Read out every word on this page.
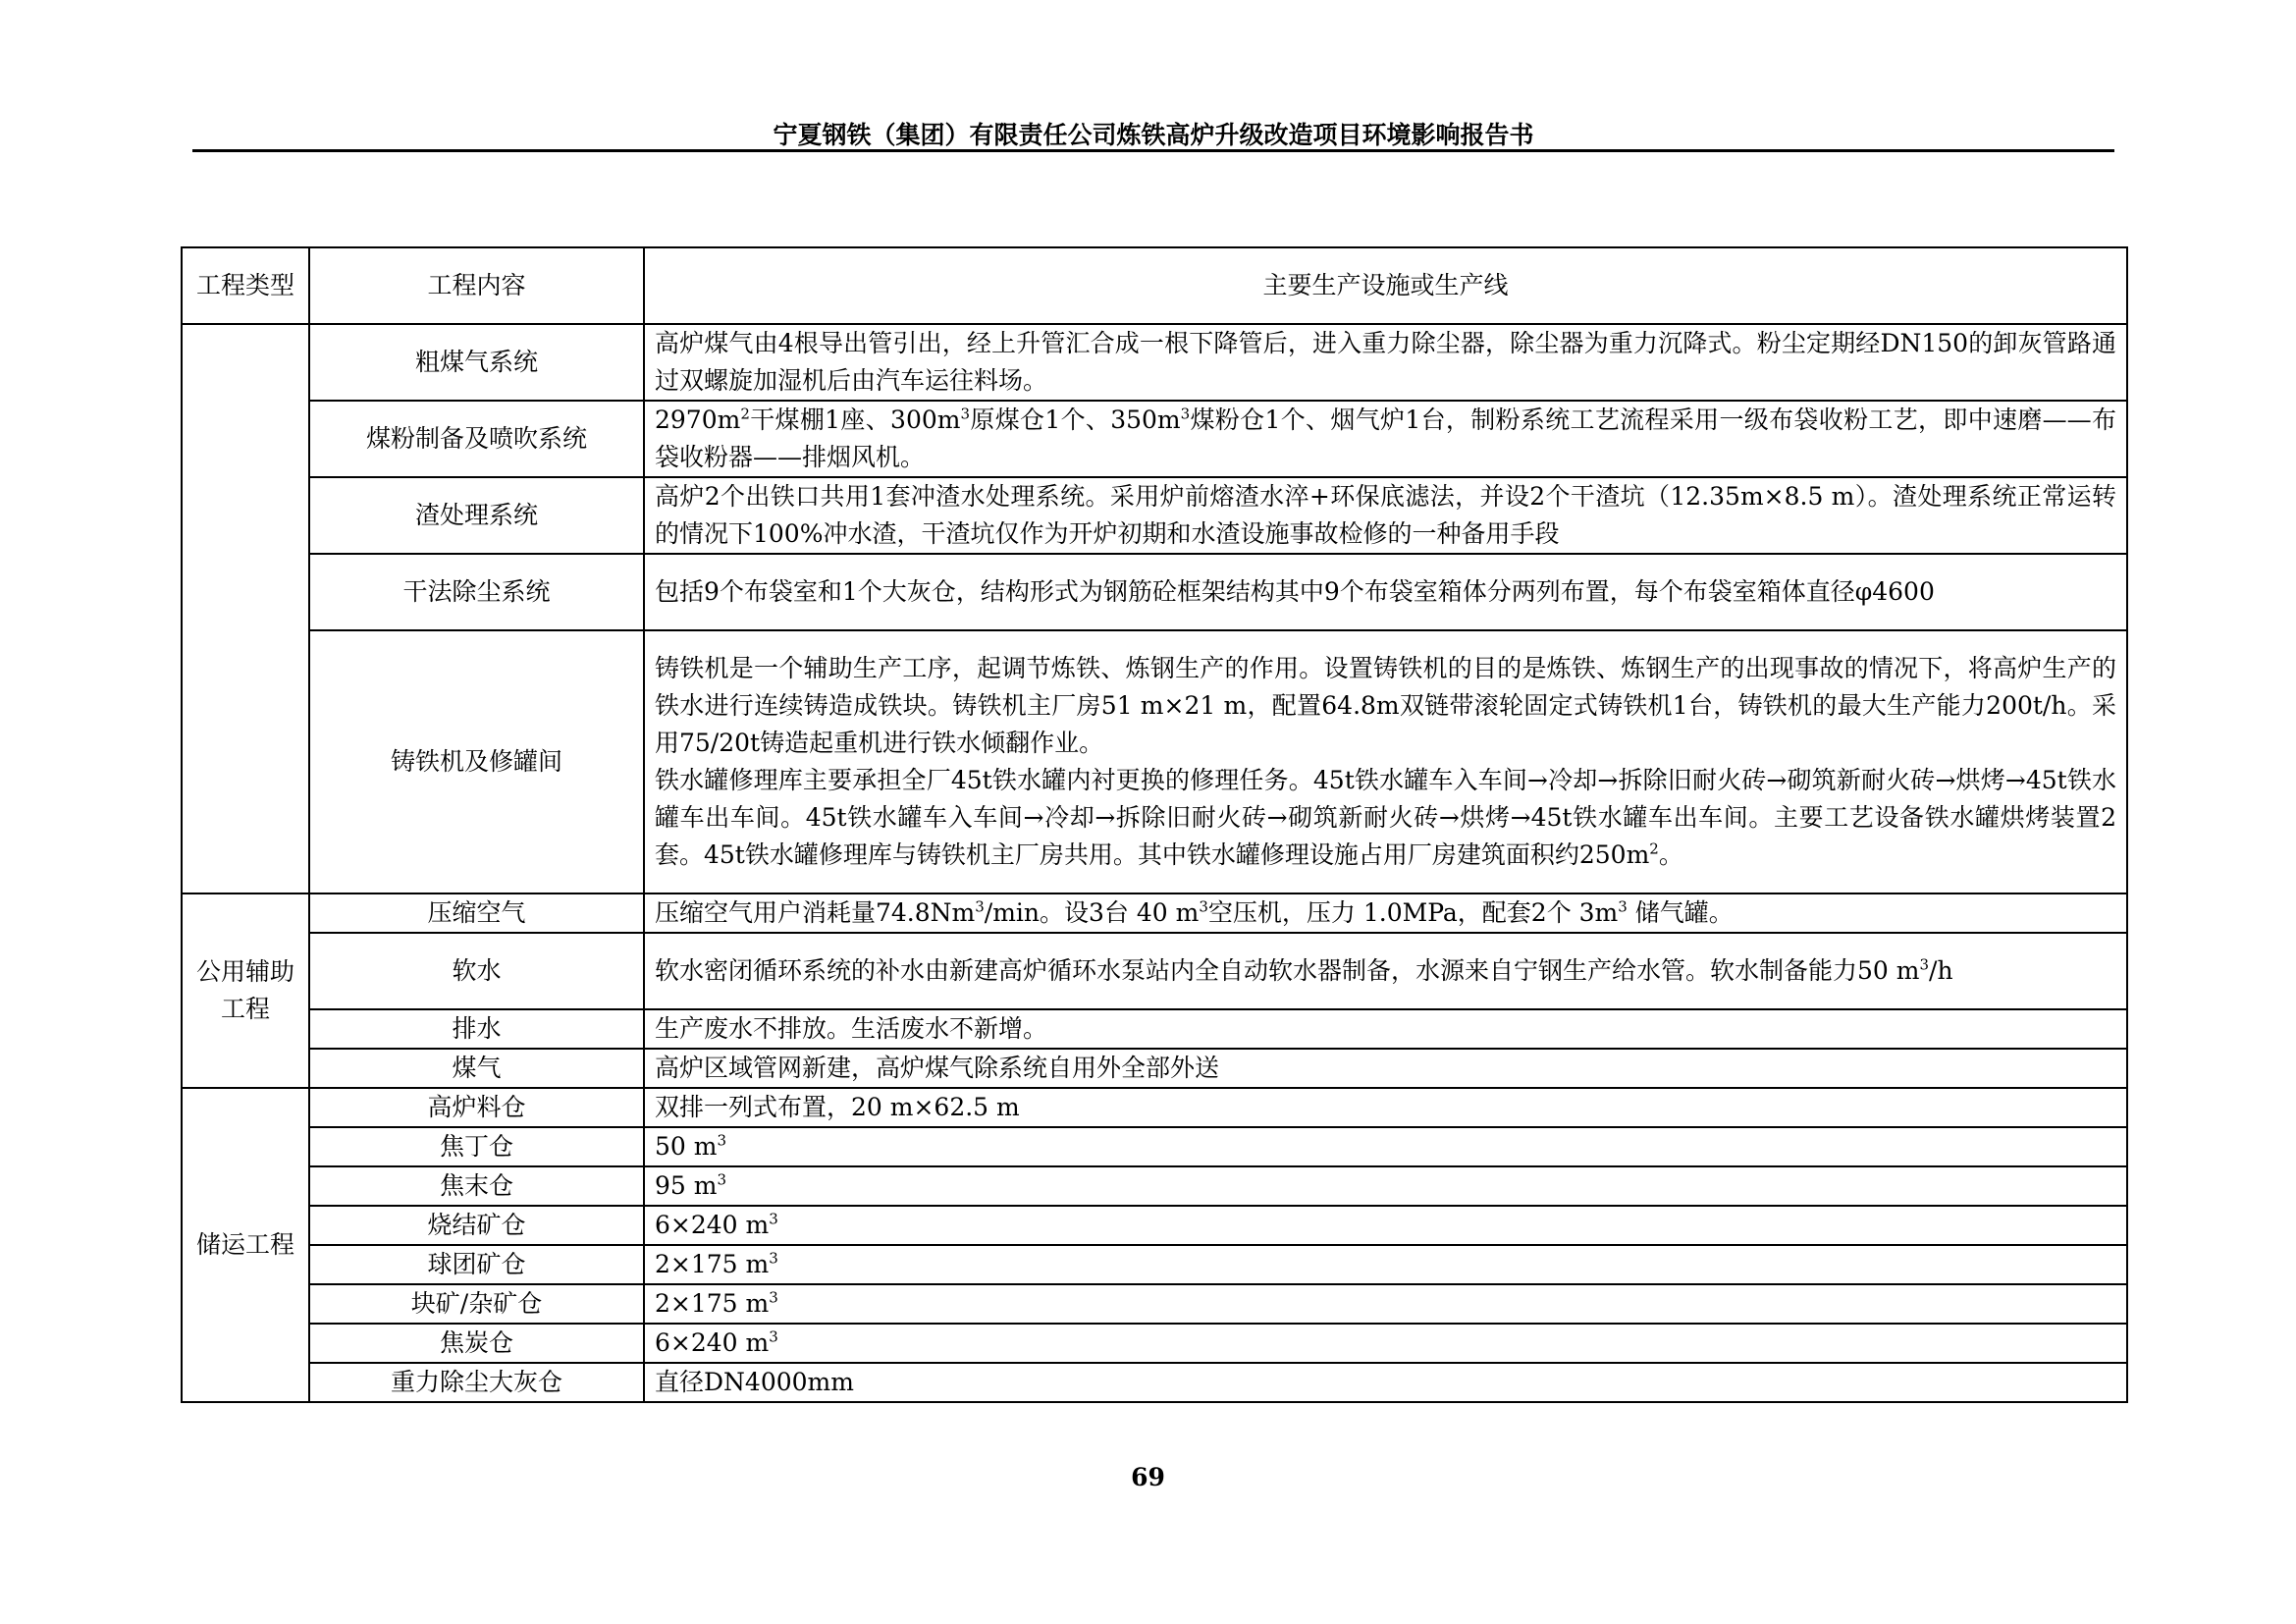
宁夏钢铁（集团）有限责任公司炼铁高炉升级改造项目环境影响报告书
工程类型	工程内容	主要生产设施或生产线
	粗煤气系统	高炉煤气由4根导出管引出，经上升管汇合成一根下降管后，进入重力除尘器，除尘器为重力沉降式。粉尘定期经DN150的卸灰管路通过双螺旋加湿机后由汽车运往料场。
	煤粉制备及喷吹系统	$2970m^2$干煤棚1座、$300m^3$原煤仓1个、$350m^3$煤粉仓1个、烟气炉1台，制粉系统工艺流程采用一级布袋收粉工艺，即中速磨——布袋收粉器——排烟风机。
	渣处理系统	高炉2个出铁口共用1套冲渣水处理系统。采用炉前熔渣水淬+环保底滤法，并设2个干渣坑（12.35m×8.5 m）。渣处理系统正常运转的情况下100%冲水渣，干渣坑仅作为开炉初期和水渣设施事故检修的一种备用手段
	干法除尘系统	包括9个布袋室和1个大灰仓，结构形式为钢筋砼框架结构其中9个布袋室箱体分两列布置，每个布袋室箱体直径φ4600
	铸铁机及修罐间	铸铁机是一个辅助生产工序，起调节炼铁、炼钢生产的作用。设置铸铁机的目的是炼铁、炼钢生产的出现事故的情况下，将高炉生产的铁水进行连续铸造成铁块。铸铁机主厂房51 m×21 m，配置64.8m双链带滚轮固定式铸铁机1台，铸铁机的最大生产能力200t/h。采用75/20t铸造起重机进行铁水倾翻作业。
铁水罐修理库主要承担全厂45t铁水罐内衬更换的修理任务。45t铁水罐车入车间→冷却→拆除旧耐火砖→砌筑新耐火砖→烘烤→45t铁水罐车出车间。45t铁水罐车入车间→冷却→拆除旧耐火砖→砌筑新耐火砖→烘烤→45t铁水罐车出车间。主要工艺设备铁水罐烘烤装置2套。45t铁水罐修理库与铸铁机主厂房共用。其中铁水罐修理设施占用厂房建筑面积约$250m^2$。

公用辅助工程	压缩空气	压缩空气用户消耗量74.8Nm$^3$/min。设3台 40 $m^3$空压机，压力 1.0MPa，配套2个 $3m^3$ 储气罐。
	软水	软水密闭循环系统的补水由新建高炉循环水泵站内全自动软水器制备，水源来自宁钢生产给水管。软水制备能力50 $m^3/h$
	排水	生产废水不排放。生活废水不新增。
	煤气	高炉区域管网新建，高炉煤气除系统自用外全部外送
储运工程	高炉料仓	双排一列式布置，20 m×62.5 m
	焦丁仓	50 $m^3$
	焦末仓	95 $m^3$
	烧结矿仓	6×240 $m^3$
	球团矿仓	2×175 $m^3$
	块矿/杂矿仓	2×175 $m^3$
	焦炭仓	6×240 $m^3$
	重力除尘大灰仓	直径DN4000mm
69
